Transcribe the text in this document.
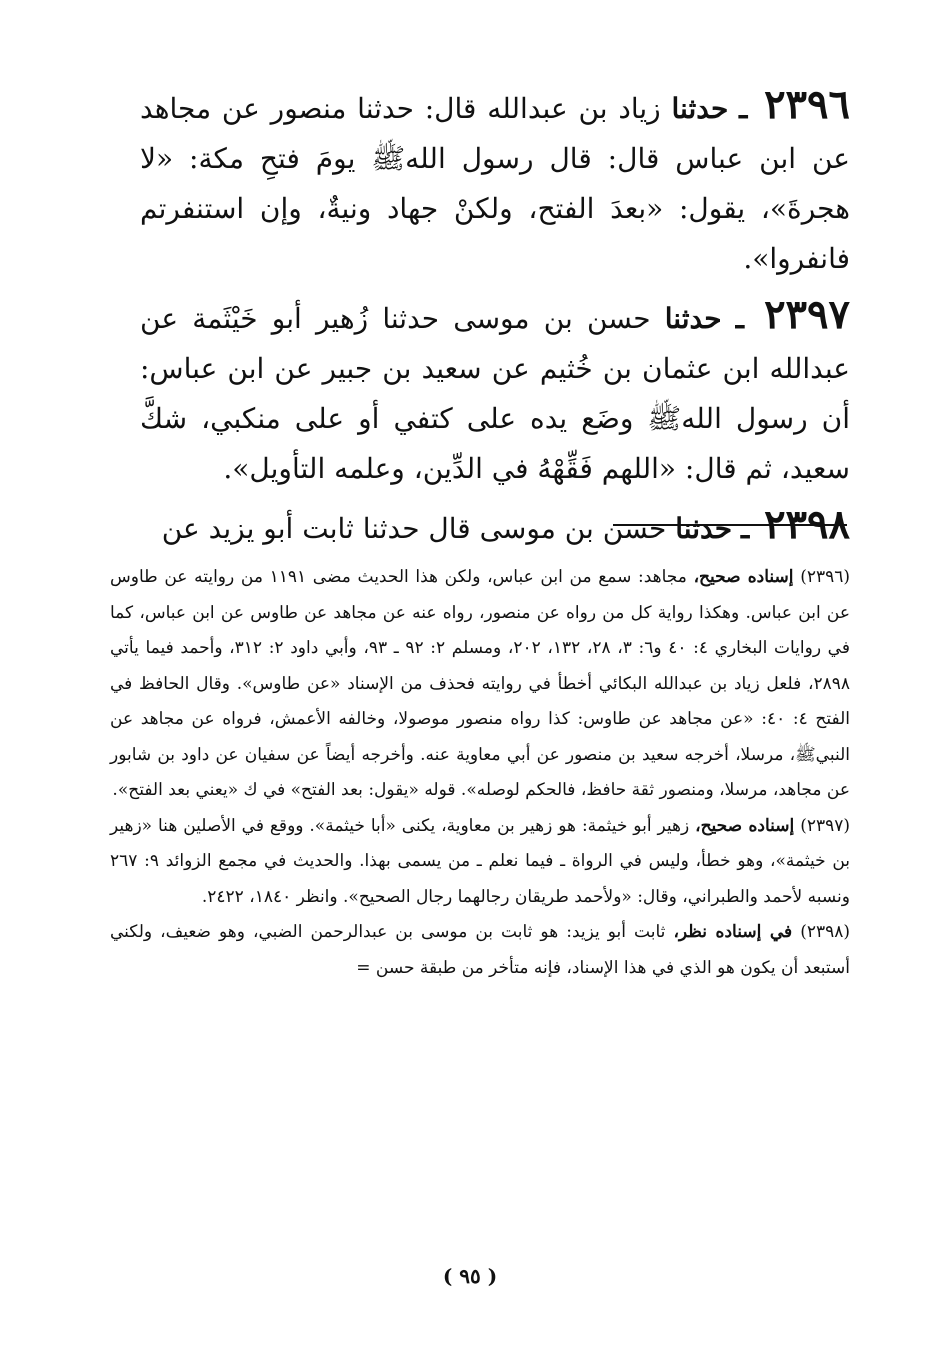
٢٣٩٦ ـ حدثنا زياد بن عبدالله قال: حدثنا منصور عن مجاهد عن ابن عباس قال: قال رسول اللهﷺ يومَ فتحِ مكة: «لا هجرةَ»، يقول: «بعدَ الفتح، ولكنْ جهاد ونيةٌ، وإن استنفرتم فانفروا».

٢٣٩٧ ـ حدثنا حسن بن موسى حدثنا زُهير أبو خَيْثَمة عن عبدالله ابن عثمان بن خُثيم عن سعيد بن جبير عن ابن عباس: أن رسول اللهﷺ وضَع يده على كتفي أو على منكبي، شكَّ سعيد، ثم قال: «اللهم فَقِّهْهُ في الدِّين، وعلمه التأويل».

٢٣٩٨ ـ حدثنا حسن بن موسى قال حدثنا ثابت أبو يزيد عن

(٢٣٩٦) إسناده صحيح، مجاهد: سمع من ابن عباس، ولكن هذا الحديث مضى ١١٩١ من روايته عن طاوس عن ابن عباس. وهكذا رواية كل من رواه عن منصور، رواه عنه عن مجاهد عن طاوس عن ابن عباس، كما في روايات البخاري ٤: ٤٠ و٦: ٣، ٢٨، ١٣٢، ٢٠٢، ومسلم ٢: ٩٢ ـ ٩٣، وأبي داود ٢: ٣١٢، وأحمد فيما يأتي ٢٨٩٨، فلعل زياد بن عبدالله البكائي أخطأ في روايته فحذف من الإسناد «عن طاوس». وقال الحافظ في الفتح ٤: ٤٠: «عن مجاهد عن طاوس: كذا رواه منصور موصولا، وخالفه الأعمش، فرواه عن مجاهد عن النبيﷺ، مرسلا، أخرجه سعيد بن منصور عن أبي معاوية عنه. وأخرجه أيضاً عن سفيان عن داود بن شابور عن مجاهد، مرسلا، ومنصور ثقة حافظ، فالحكم لوصله». قوله «يقول: بعد الفتح» في ك «يعني بعد الفتح».

(٢٣٩٧) إسناده صحيح، زهير أبو خيثمة: هو زهير بن معاوية، يكنى «أبا خيثمة». ووقع في الأصلين هنا «زهير بن خيثمة»، وهو خطأ، وليس في الرواة ـ فيما نعلم ـ من يسمى بهذا. والحديث في مجمع الزوائد ٩: ٢٦٧ ونسبه لأحمد والطبراني، وقال: «ولأحمد طريقان رجالهما رجال الصحيح». وانظر ١٨٤٠، ٢٤٢٢.

(٢٣٩٨) في إسناده نظر، ثابت أبو يزيد: هو ثابت بن موسى بن عبدالرحمن الضبي، وهو ضعيف، ولكني أستبعد أن يكون هو الذي في هذا الإسناد، فإنه متأخر من طبقة حسن =

( ٩٥ )
